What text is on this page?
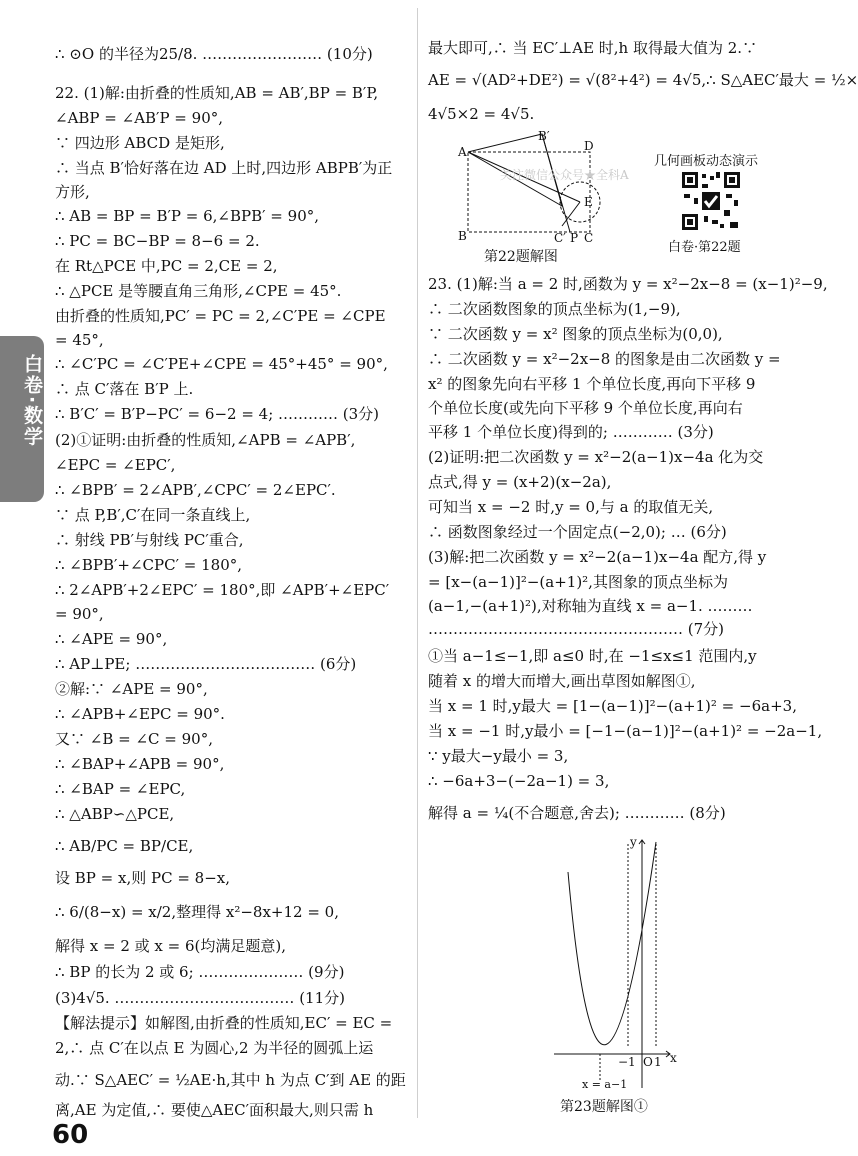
白卷·数学
∴ ⊙O 的半径为25/8. …………………… (10分)
22. (1)解:由折叠的性质知,AB = AB′,BP = B′P,
∠ABP = ∠AB′P = 90°,
∵ 四边形 ABCD 是矩形,
∴ 当点 B′恰好落在边 AD 上时,四边形 ABPB′为正
方形,
∴ AB = BP = B′P = 6,∠BPB′ = 90°,
∴ PC = BC−BP = 8−6 = 2.
在 Rt△PCE 中,PC = 2,CE = 2,
∴ △PCE 是等腰直角三角形,∠CPE = 45°.
由折叠的性质知,PC′ = PC = 2,∠C′PE = ∠CPE
= 45°,
∴ ∠C′PC = ∠C′PE+∠CPE = 45°+45° = 90°,
∴ 点 C′落在 B′P 上.
∴ B′C′ = B′P−PC′ = 6−2 = 4; ………… (3分)
(2)①证明:由折叠的性质知,∠APB = ∠APB′,
∠EPC = ∠EPC′,
∴ ∠BPB′ = 2∠APB′,∠CPC′ = 2∠EPC′.
∵ 点 P,B′,C′在同一条直线上,
∴ 射线 PB′与射线 PC′重合,
∴ ∠BPB′+∠CPC′ = 180°,
∴ 2∠APB′+2∠EPC′ = 180°,即 ∠APB′+∠EPC′
= 90°,
∴ ∠APE = 90°,
∴ AP⊥PE; ……………………………… (6分)
②解:∵ ∠APE = 90°,
∴ ∠APB+∠EPC = 90°.
又∵ ∠B = ∠C = 90°,
∴ ∠BAP+∠APB = 90°,
∴ ∠BAP = ∠EPC,
∴ △ABP∽△PCE,
∴ AB/PC = BP/CE,
设 BP = x,则 PC = 8−x,
∴ 6/(8−x) = x/2,整理得 x²−8x+12 = 0,
解得 x = 2 或 x = 6(均满足题意),
∴ BP 的长为 2 或 6; ………………… (9分)
(3)4√5. ……………………………… (11分)
【解法提示】如解图,由折叠的性质知,EC′ = EC =
2,∴ 点 C′在以点 E 为圆心,2 为半径的圆弧上运
动.∵ S△AEC′ = ½AE·h,其中 h 为点 C′到 AE 的距
离,AE 为定值,∴ 要使△AEC′面积最大,则只需 h
最大即可,∴ 当 EC′⊥AE 时,h 取得最大值为 2.∵
AE = √(AD²+DE²) = √(8²+4²) = 4√5,∴ S△AEC′最大 = ½×
4√5×2 = 4√5.
A
B
B′
D
E
C′ P C
第22题解图
关注微信公众号★全科A
几何画板动态演示
白卷·第22题
23. (1)解:当 a = 2 时,函数为 y = x²−2x−8 = (x−1)²−9,
∴ 二次函数图象的顶点坐标为(1,−9),
∵ 二次函数 y = x² 图象的顶点坐标为(0,0),
∴ 二次函数 y = x²−2x−8 的图象是由二次函数 y =
x² 的图象先向右平移 1 个单位长度,再向下平移 9
个单位长度(或先向下平移 9 个单位长度,再向右
平移 1 个单位长度)得到的; ………… (3分)
(2)证明:把二次函数 y = x²−2(a−1)x−4a 化为交
点式,得 y = (x+2)(x−2a),
可知当 x = −2 时,y = 0,与 a 的取值无关,
∴ 函数图象经过一个固定点(−2,0); … (6分)
(3)解:把二次函数 y = x²−2(a−1)x−4a 配方,得 y
= [x−(a−1)]²−(a+1)²,其图象的顶点坐标为
(a−1,−(a+1)²),对称轴为直线 x = a−1. ………
…………………………………………… (7分)
①当 a−1≤−1,即 a≤0 时,在 −1≤x≤1 范围内,y
随着 x 的增大而增大,画出草图如解图①,
当 x = 1 时,y最大 = [1−(a−1)]²−(a+1)² = −6a+3,
当 x = −1 时,y最小 = [−1−(a−1)]²−(a+1)² = −2a−1,
∵ y最大−y最小 = 3,
∴ −6a+3−(−2a−1) = 3,
解得 a = ¼(不合题意,舍去); ………… (8分)
y
x
−1 O 1
x = a−1
第23题解图①
60
